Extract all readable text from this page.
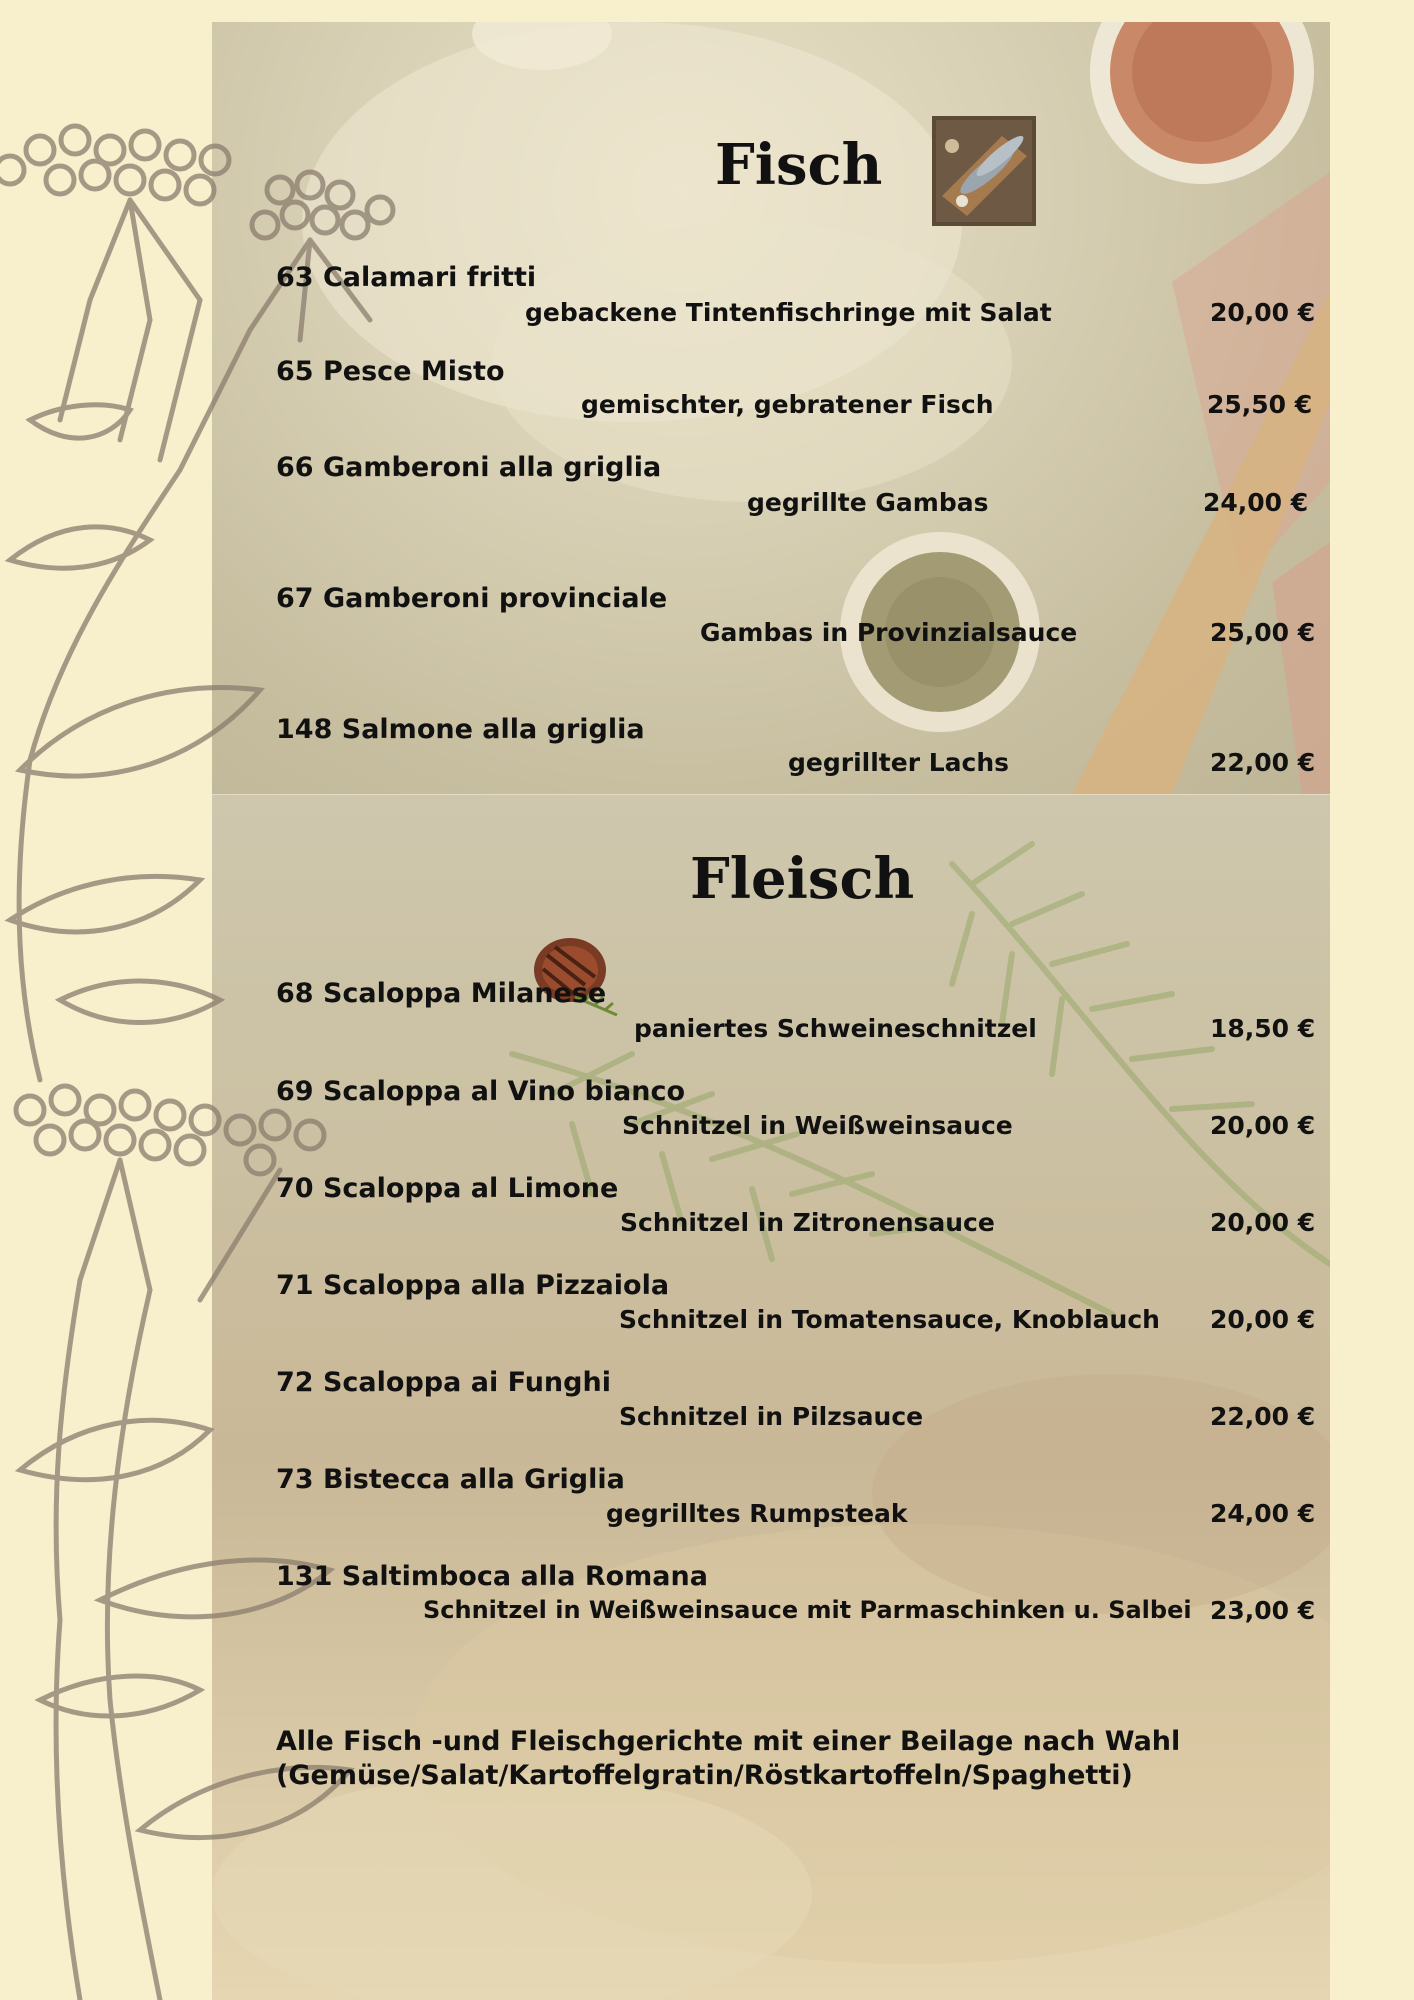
Fisch
63 Calamari fritti
gebackene Tintenfischringe mit Salat	20,00 €
65 Pesce Misto
gemischter, gebratener Fisch	25,50 €
66 Gamberoni alla griglia
gegrillte Gambas	24,00 €
67 Gamberoni provinciale
Gambas in Provinzialsauce	25,00 €
148 Salmone alla griglia
gegrillter Lachs	22,00 €
Fleisch
68 Scaloppa Milanese
paniertes Schweineschnitzel	18,50 €
69 Scaloppa al Vino bianco
Schnitzel in Weißweinsauce	20,00 €
70 Scaloppa al Limone
Schnitzel in Zitronensauce	20,00 €
71 Scaloppa alla Pizzaiola
Schnitzel in Tomatensauce, Knoblauch 20,00 €
72 Scaloppa ai Funghi
Schnitzel in Pilzsauce	22,00 €
73 Bistecca alla Griglia
gegrilltes Rumpsteak	24,00 €
131 Saltimboca alla Romana
Schnitzel in Weißweinsauce mit Parmaschinken u. Salbei 23,00 €
Alle Fisch -und Fleischgerichte mit einer Beilage nach Wahl
(Gemüse/Salat/Kartoffelgratin/Röstkartoffeln/Spaghetti)
